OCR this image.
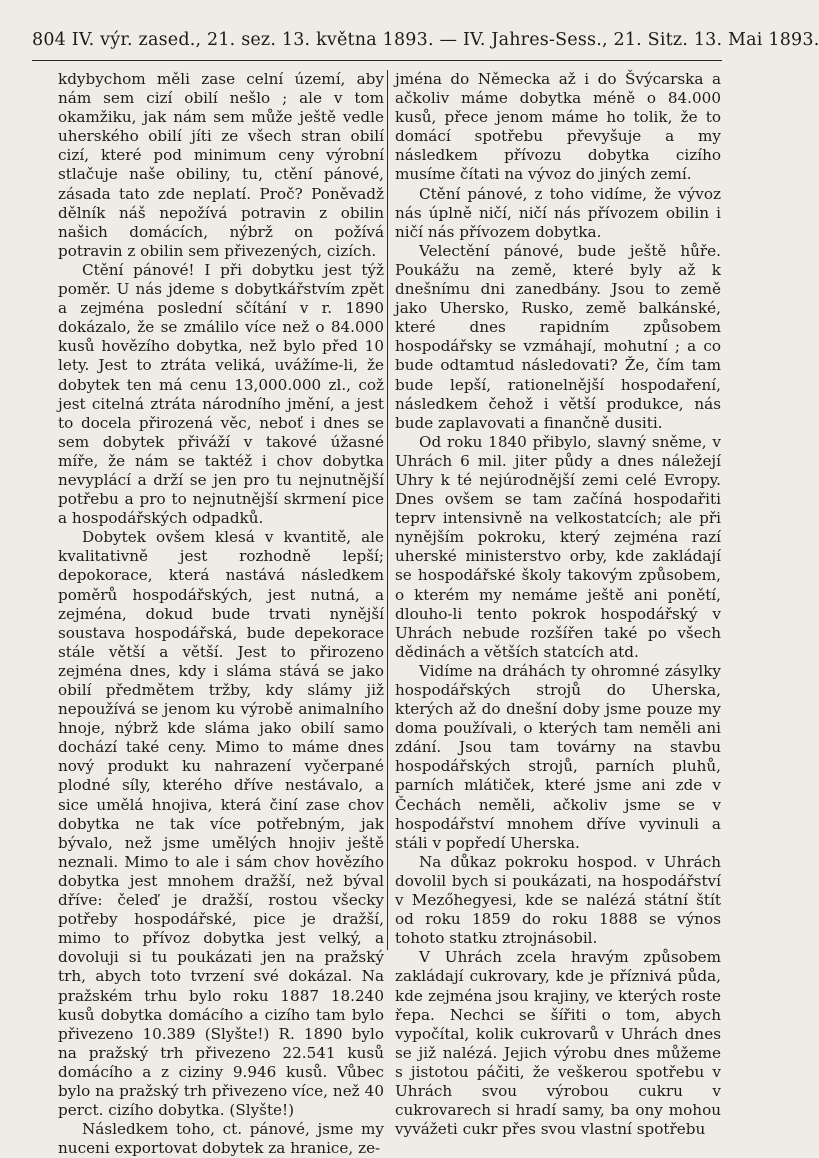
804 IV. výr. zased., 21. sez. 13. května 1893. — IV. Jahres-Sess., 21. Sitz. 13. Mai 1893.

kdybychom měli zase celní území, aby nám sem cizí obilí nešlo ; ale v tom okamžiku, jak nám sem může ještě vedle uherského obilí jíti ze všech stran obilí cizí, které pod minimum ceny výrobní stlačuje naše obiliny, tu, ctění pánové, zásada tato zde neplatí. Proč? Poněvadž dělník náš nepožívá potravin z obilin našich domácích, nýbrž on požívá potravin z obilin sem přivezených, cizích.

Ctění pánové! I při dobytku jest týž poměr. U nás jdeme s dobytkářstvím zpět a zejména poslední sčítání v r. 1890 dokázalo, že se zmálilo více než o 84.000 kusů hovězího dobytka, než bylo před 10 lety. Jest to ztráta veliká, uvážíme-li, že dobytek ten má cenu 13,000.000 zl., což jest citelná ztráta národního jmění, a jest to docela přirozená věc, neboť i dnes se sem dobytek přiváží v takové úžasné míře, že nám se taktéž i chov dobytka nevyplácí a drží se jen pro tu nejnutnější potřebu a pro to nejnutnější skrmení pice a hospodářských odpadků.

Dobytek ovšem klesá v kvantitě, ale kvalitativně jest rozhodně lepší; depokorace, která nastává následkem poměrů hospodářských, jest nutná, a zejména, dokud bude trvati nynější soustava hospodářská, bude depekorace stále větší a větší. Jest to přirozeno zejména dnes, kdy i sláma stává se jako obilí předmětem tržby, kdy slámy již nepoužívá se jenom ku výrobě animalního hnoje, nýbrž kde sláma jako obilí samo dochází také ceny. Mimo to máme dnes nový produkt ku nahrazení vyčerpané plodné síly, kterého dříve nestávalo, a sice umělá hnojiva, která činí zase chov dobytka ne tak více potřebným, jak bývalo, než jsme umělých hnojiv ještě neznali. Mimo to ale i sám chov hovězího dobytka jest mnohem dražší, než býval dříve: čeleď je dražší, rostou všecky potřeby hospodářské, pice je dražší, mimo to přívoz dobytka jest velký, a dovoluji si tu poukázati jen na pražský trh, abych toto tvrzení své dokázal. Na pražském trhu bylo roku 1887 18.240 kusů dobytka domácího a cizího tam bylo přivezeno 10.389 (Slyšte!) R. 1890 bylo na pražský trh přivezeno 22.541 kusů domácího a z ciziny 9.946 kusů. Vůbec bylo na pražský trh přivezeno více, než 40 perct. cizího dobytka. (Slyšte!)

Následkem toho, ct. pánové, jsme my nuceni exportovat dobytek za hranice, ze-

jména do Německa až i do Švýcarska a ačkoliv máme dobytka méně o 84.000 kusů, přece jenom máme ho tolik, že to domácí spotřebu převyšuje a my následkem přívozu dobytka cizího musíme čítati na vývoz do jiných zemí.

Ctění pánové, z toho vidíme, že vývoz nás úplně ničí, ničí nás přívozem obilin i ničí nás přívozem dobytka.

Velectění pánové, bude ještě hůře. Poukážu na země, které byly až k dnešnímu dni zanedbány. Jsou to země jako Uhersko, Rusko, země balkánské, které dnes rapidním způsobem hospodářsky se vzmáhají, mohutní ; a co bude odtamtud následovati? Že, čím tam bude lepší, rationelnější hospodaření, následkem čehož i větší produkce, nás bude zaplavovati a finančně dusiti.

Od roku 1840 přibylo, slavný sněme, v Uhrách 6 mil. jiter půdy a dnes náležejí Uhry k té nejúrodnější zemi celé Evropy. Dnes ovšem se tam začíná hospodařiti teprv intensivně na velkostatcích; ale při nynějším pokroku, který zejména razí uherské ministerstvo orby, kde zakládají se hospodářské školy takovým způsobem, o kterém my nemáme ještě ani ponětí, dlouho-li tento pokrok hospodářský v Uhrách nebude rozšířen také po všech dědinách a větších statcích atd.

Vidíme na dráhách ty ohromné zásylky hospodářských strojů do Uherska, kterých až do dnešní doby jsme pouze my doma používali, o kterých tam neměli ani zdání. Jsou tam továrny na stavbu hospodářských strojů, parních pluhů, parních mlátiček, které jsme ani zde v Čechách neměli, ačkoliv jsme se v hospodářství mnohem dříve vyvinuli a stáli v popředí Uherska.

Na důkaz pokroku hospod. v Uhrách dovolil bych si poukázati, na hospodářství v Mezőhegyesi, kde se nalézá státní štít od roku 1859 do roku 1888 se výnos tohoto statku ztrojnásobil.

V Uhrách zcela hravým způsobem zakládají cukrovary, kde je příznivá půda, kde zejména jsou krajiny, ve kterých roste řepa. Nechci se šířiti o tom, abych vypočítal, kolik cukrovarů v Uhrách dnes se již nalézá. Jejich výrobu dnes můžeme s jistotou páčiti, že veškerou spotřebu v Uhrách svou výrobou cukru v cukrovarech si hradí samy, ba ony mohou vyvážeti cukr přes svou vlastní spotřebu
